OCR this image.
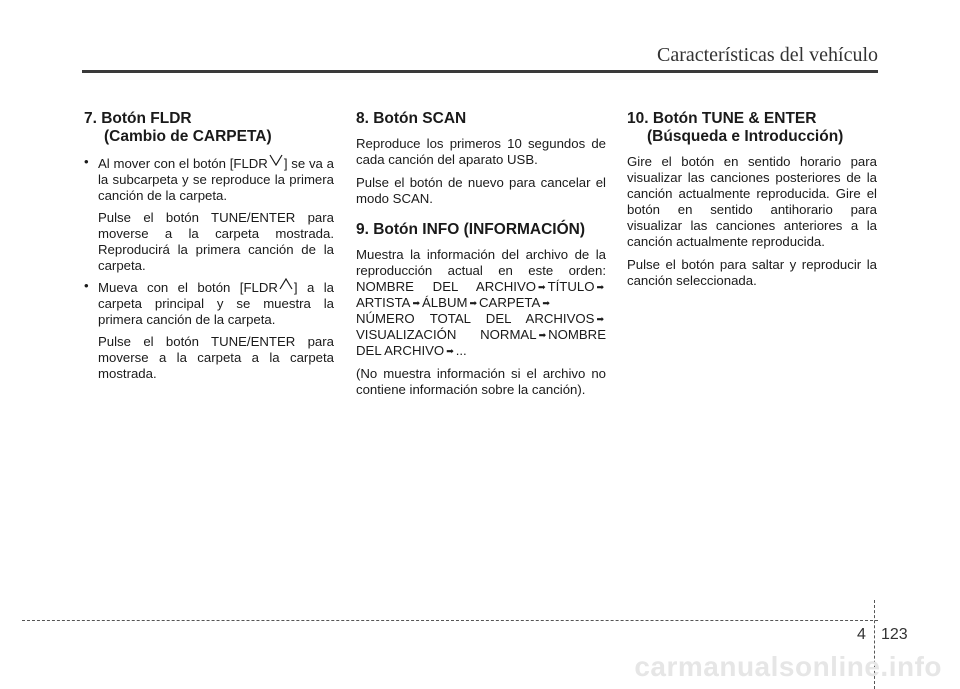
Características del vehículo
7. Botón FLDR
(Cambio de CARPETA)
• Al mover con el botón [FLDR ] se va a la subcarpeta y se reproduce la primera canción de la carpeta.

Pulse el botón TUNE/ENTER para moverse a la carpeta mostrada. Reproducirá la primera canción de la carpeta.

• Mueva con el botón [FLDR ] a la carpeta principal y se muestra la primera canción de la carpeta.

Pulse el botón TUNE/ENTER para moverse a la carpeta a la carpeta mostrada.

8. Botón SCAN

Reproduce los primeros 10 segundos de cada canción del aparato USB.

Pulse el botón de nuevo para cancelar el modo SCAN.

9. Botón INFO (INFORMACIÓN)

Muestra la información del archivo de la reproducción actual en este orden: NOMBRE DEL ARCHIVO➡TÍTULO➡ARTISTA➡ÁLBUM➡CARPETA➡NÚMERO TOTAL DEL ARCHIVOS➡VISUALIZACIÓN NORMAL➡NOMBRE DEL ARCHIVO➡...

(No muestra información si el archivo no contiene información sobre la canción).

10. Botón TUNE & ENTER
(Búsqueda e Introducción)

Gire el botón en sentido horario para visualizar las canciones posteriores de la canción actualmente reproducida. Gire el botón en sentido antihorario para visualizar las canciones anteriores a la canción actualmente reproducida.

Pulse el botón para saltar y reproducir la canción seleccionada.

4 123
carmanualsonline.info
